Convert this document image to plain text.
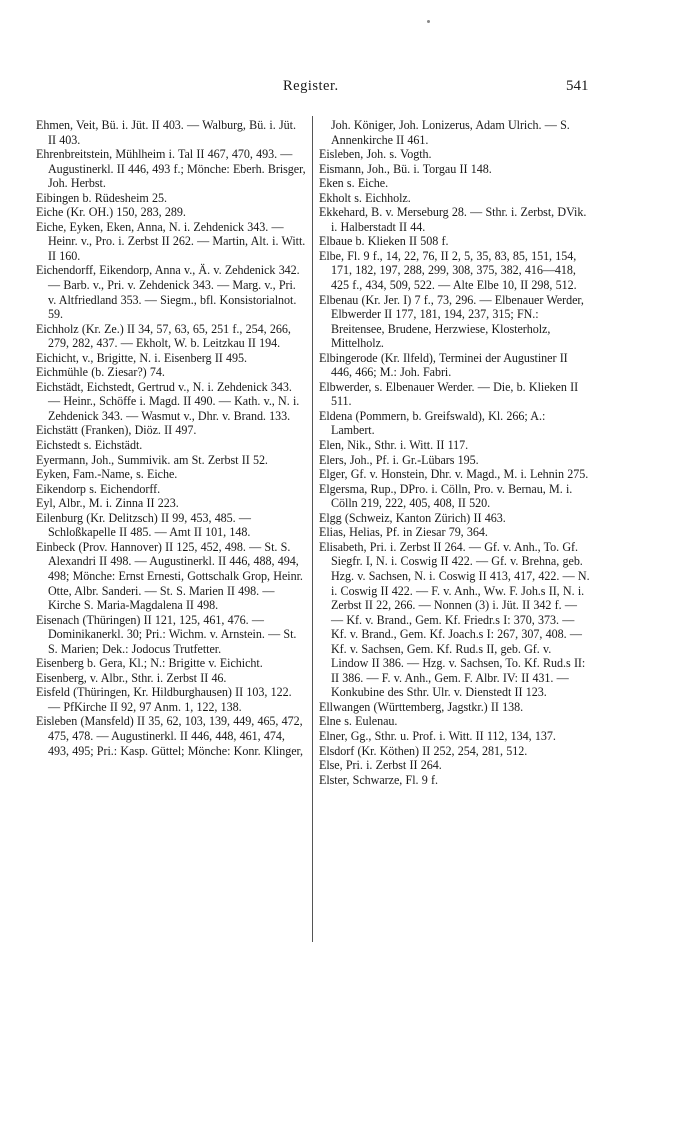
Register.	541

Ehmen, Veit, Bü. i. Jüt. II 403. — Walburg, Bü. i. Jüt. II 403.

Ehrenbreitstein, Mühlheim i. Tal II 467, 470, 493. — Augustinerkl. II 446, 493 f.; Mönche: Eberh. Brisger, Joh. Herbst.

Eibingen b. Rüdesheim 25.

Eiche (Kr. OH.) 150, 283, 289.

Eiche, Eyken, Eken, Anna, N. i. Zehdenick 343. — Heinr. v., Pro. i. Zerbst II 262. — Martin, Alt. i. Witt. II 160.

Eichendorff, Eikendorp, Anna v., Ä. v. Zehdenick 342. — Barb. v., Pri. v. Zehdenick 343. — Marg. v., Pri. v. Altfriedland 353. — Siegm., bfl. Konsistorialnot. 59.

Eichholz (Kr. Ze.) II 34, 57, 63, 65, 251 f., 254, 266, 279, 282, 437. — Ekholt, W. b. Leitzkau II 194.

Eichicht, v., Brigitte, N. i. Eisenberg II 495.

Eichmühle (b. Ziesar?) 74.

Eichstädt, Eichstedt, Gertrud v., N. i. Zehdenick 343. — Heinr., Schöffe i. Magd. II 490. — Kath. v., N. i. Zehdenick 343. — Wasmut v., Dhr. v. Brand. 133.

Eichstätt (Franken), Diöz. II 497.

Eichstedt s. Eichstädt.

Eyermann, Joh., Summivik. am St. Zerbst II 52.

Eyken, Fam.-Name, s. Eiche.

Eikendorp s. Eichendorff.

Eyl, Albr., M. i. Zinna II 223.

Eilenburg (Kr. Delitzsch) II 99, 453, 485. — Schloßkapelle II 485. — Amt II 101, 148.

Einbeck (Prov. Hannover) II 125, 452, 498. — St. S. Alexandri II 498. — Augustinerkl. II 446, 488, 494, 498; Mönche: Ernst Ernesti, Gottschalk Grop, Heinr. Otte, Albr. Sanderi. — St. S. Marien II 498. — Kirche S. Maria-Magdalena II 498.

Eisenach (Thüringen) II 121, 125, 461, 476. — Dominikanerkl. 30; Pri.: Wichm. v. Arnstein. — St. S. Marien; Dek.: Jodocus Trutfetter.

Eisenberg b. Gera, Kl.; N.: Brigitte v. Eichicht.

Eisenberg, v. Albr., Sthr. i. Zerbst II 46.

Eisfeld (Thüringen, Kr. Hildburghausen) II 103, 122. — PfKirche II 92, 97 Anm. 1, 122, 138.

Eisleben (Mansfeld) II 35, 62, 103, 139, 449, 465, 472, 475, 478. — Augustinerkl. II 446, 448, 461, 474, 493, 495; Pri.: Kasp. Güttel; Mönche: Konr. Klinger,

Joh. Königer, Joh. Lonizerus, Adam Ulrich. — S. Annenkirche II 461.

Eisleben, Joh. s. Vogth.

Eismann, Joh., Bü. i. Torgau II 148.

Eken s. Eiche.

Ekholt s. Eichholz.

Ekkehard, B. v. Merseburg 28. — Sthr. i. Zerbst, DVik. i. Halberstadt II 44.

Elbaue b. Klieken II 508 f.

Elbe, Fl. 9 f., 14, 22, 76, II 2, 5, 35, 83, 85, 151, 154, 171, 182, 197, 288, 299, 308, 375, 382, 416—418, 425 f., 434, 509, 522. — Alte Elbe 10, II 298, 512.

Elbenau (Kr. Jer. I) 7 f., 73, 296. — Elbenauer Werder, Elbwerder II 177, 181, 194, 237, 315; FN.: Breitensee, Brudene, Herzwiese, Klosterholz, Mittelholz.

Elbingerode (Kr. Ilfeld), Terminei der Augustiner II 446, 466; M.: Joh. Fabri.

Elbwerder, s. Elbenauer Werder. — Die, b. Klieken II 511.

Eldena (Pommern, b. Greifswald), Kl. 266; A.: Lambert.

Elen, Nik., Sthr. i. Witt. II 117.

Elers, Joh., Pf. i. Gr.-Lübars 195.

Elger, Gf. v. Honstein, Dhr. v. Magd., M. i. Lehnin 275.

Elgersma, Rup., DPro. i. Cölln, Pro. v. Bernau, M. i. Cölln 219, 222, 405, 408, II 520.

Elgg (Schweiz, Kanton Zürich) II 463.

Elias, Helias, Pf. in Ziesar 79, 364.

Elisabeth, Pri. i. Zerbst II 264. — Gf. v. Anh., To. Gf. Siegfr. I, N. i. Coswig II 422. — Gf. v. Brehna, geb. Hzg. v. Sachsen, N. i. Coswig II 413, 417, 422. — N. i. Coswig II 422. — F. v. Anh., Ww. F. Joh.s II, N. i. Zerbst II 22, 266. — Nonnen (3) i. Jüt. II 342 f. — — Kf. v. Brand., Gem. Kf. Friedr.s I: 370, 373. — Kf. v. Brand., Gem. Kf. Joach.s I: 267, 307, 408. — Kf. v. Sachsen, Gem. Kf. Rud.s II, geb. Gf. v. Lindow II 386. — Hzg. v. Sachsen, To. Kf. Rud.s II: II 386. — F. v. Anh., Gem. F. Albr. IV: II 431. — Konkubine des Sthr. Ulr. v. Dienstedt II 123.

Ellwangen (Württemberg, Jagstkr.) II 138.

Elne s. Eulenau.

Elner, Gg., Sthr. u. Prof. i. Witt. II 112, 134, 137.

Elsdorf (Kr. Köthen) II 252, 254, 281, 512.

Else, Pri. i. Zerbst II 264.

Elster, Schwarze, Fl. 9 f.
